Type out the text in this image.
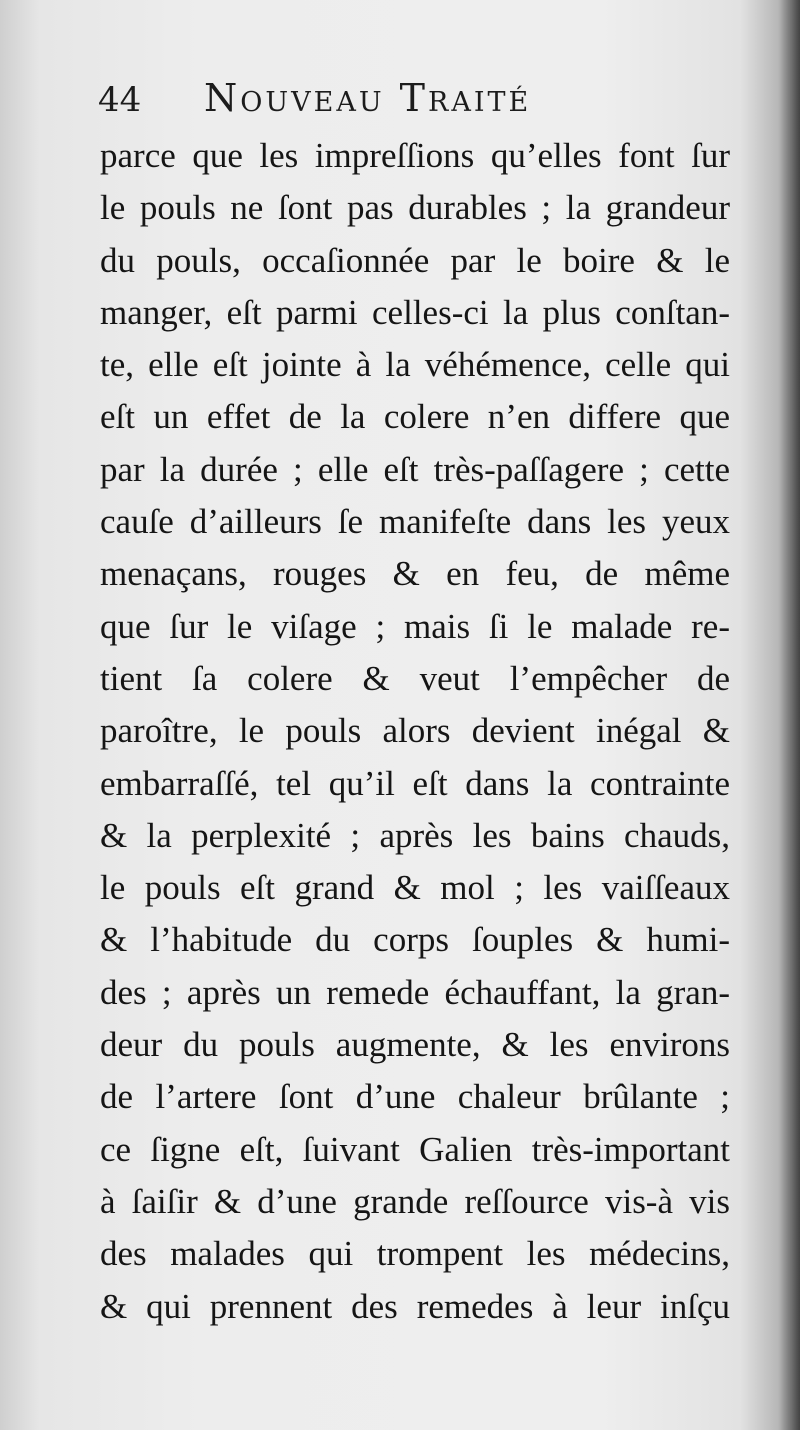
44 Nouveau Traité
parce que les impreſſions qu’elles font ſur
le pouls ne ſont pas durables ; la grandeur
du pouls, occaſionnée par le boire & le
manger, eſt parmi celles-ci la plus conſtan-
te, elle eſt jointe à la véhémence, celle qui
eſt un effet de la colere n’en differe que
par la durée ; elle eſt très-paſſagere ; cette
cauſe d’ailleurs ſe manifeſte dans les yeux
menaçans, rouges & en feu, de même
que ſur le viſage ; mais ſi le malade re-
tient ſa colere & veut l’empêcher de
paroître, le pouls alors devient inégal &
embarraſſé, tel qu’il eſt dans la contrainte
& la perplexité ; après les bains chauds,
le pouls eſt grand & mol ; les vaiſſeaux
& l’habitude du corps ſouples & humi-
des ; après un remede échauffant, la gran-
deur du pouls augmente, & les environs
de l’artere ſont d’une chaleur brûlante ;
ce ſigne eſt, ſuivant Galien très-important
à ſaiſir & d’une grande reſſource vis-à vis
des malades qui trompent les médecins,
& qui prennent des remedes à leur inſçu
